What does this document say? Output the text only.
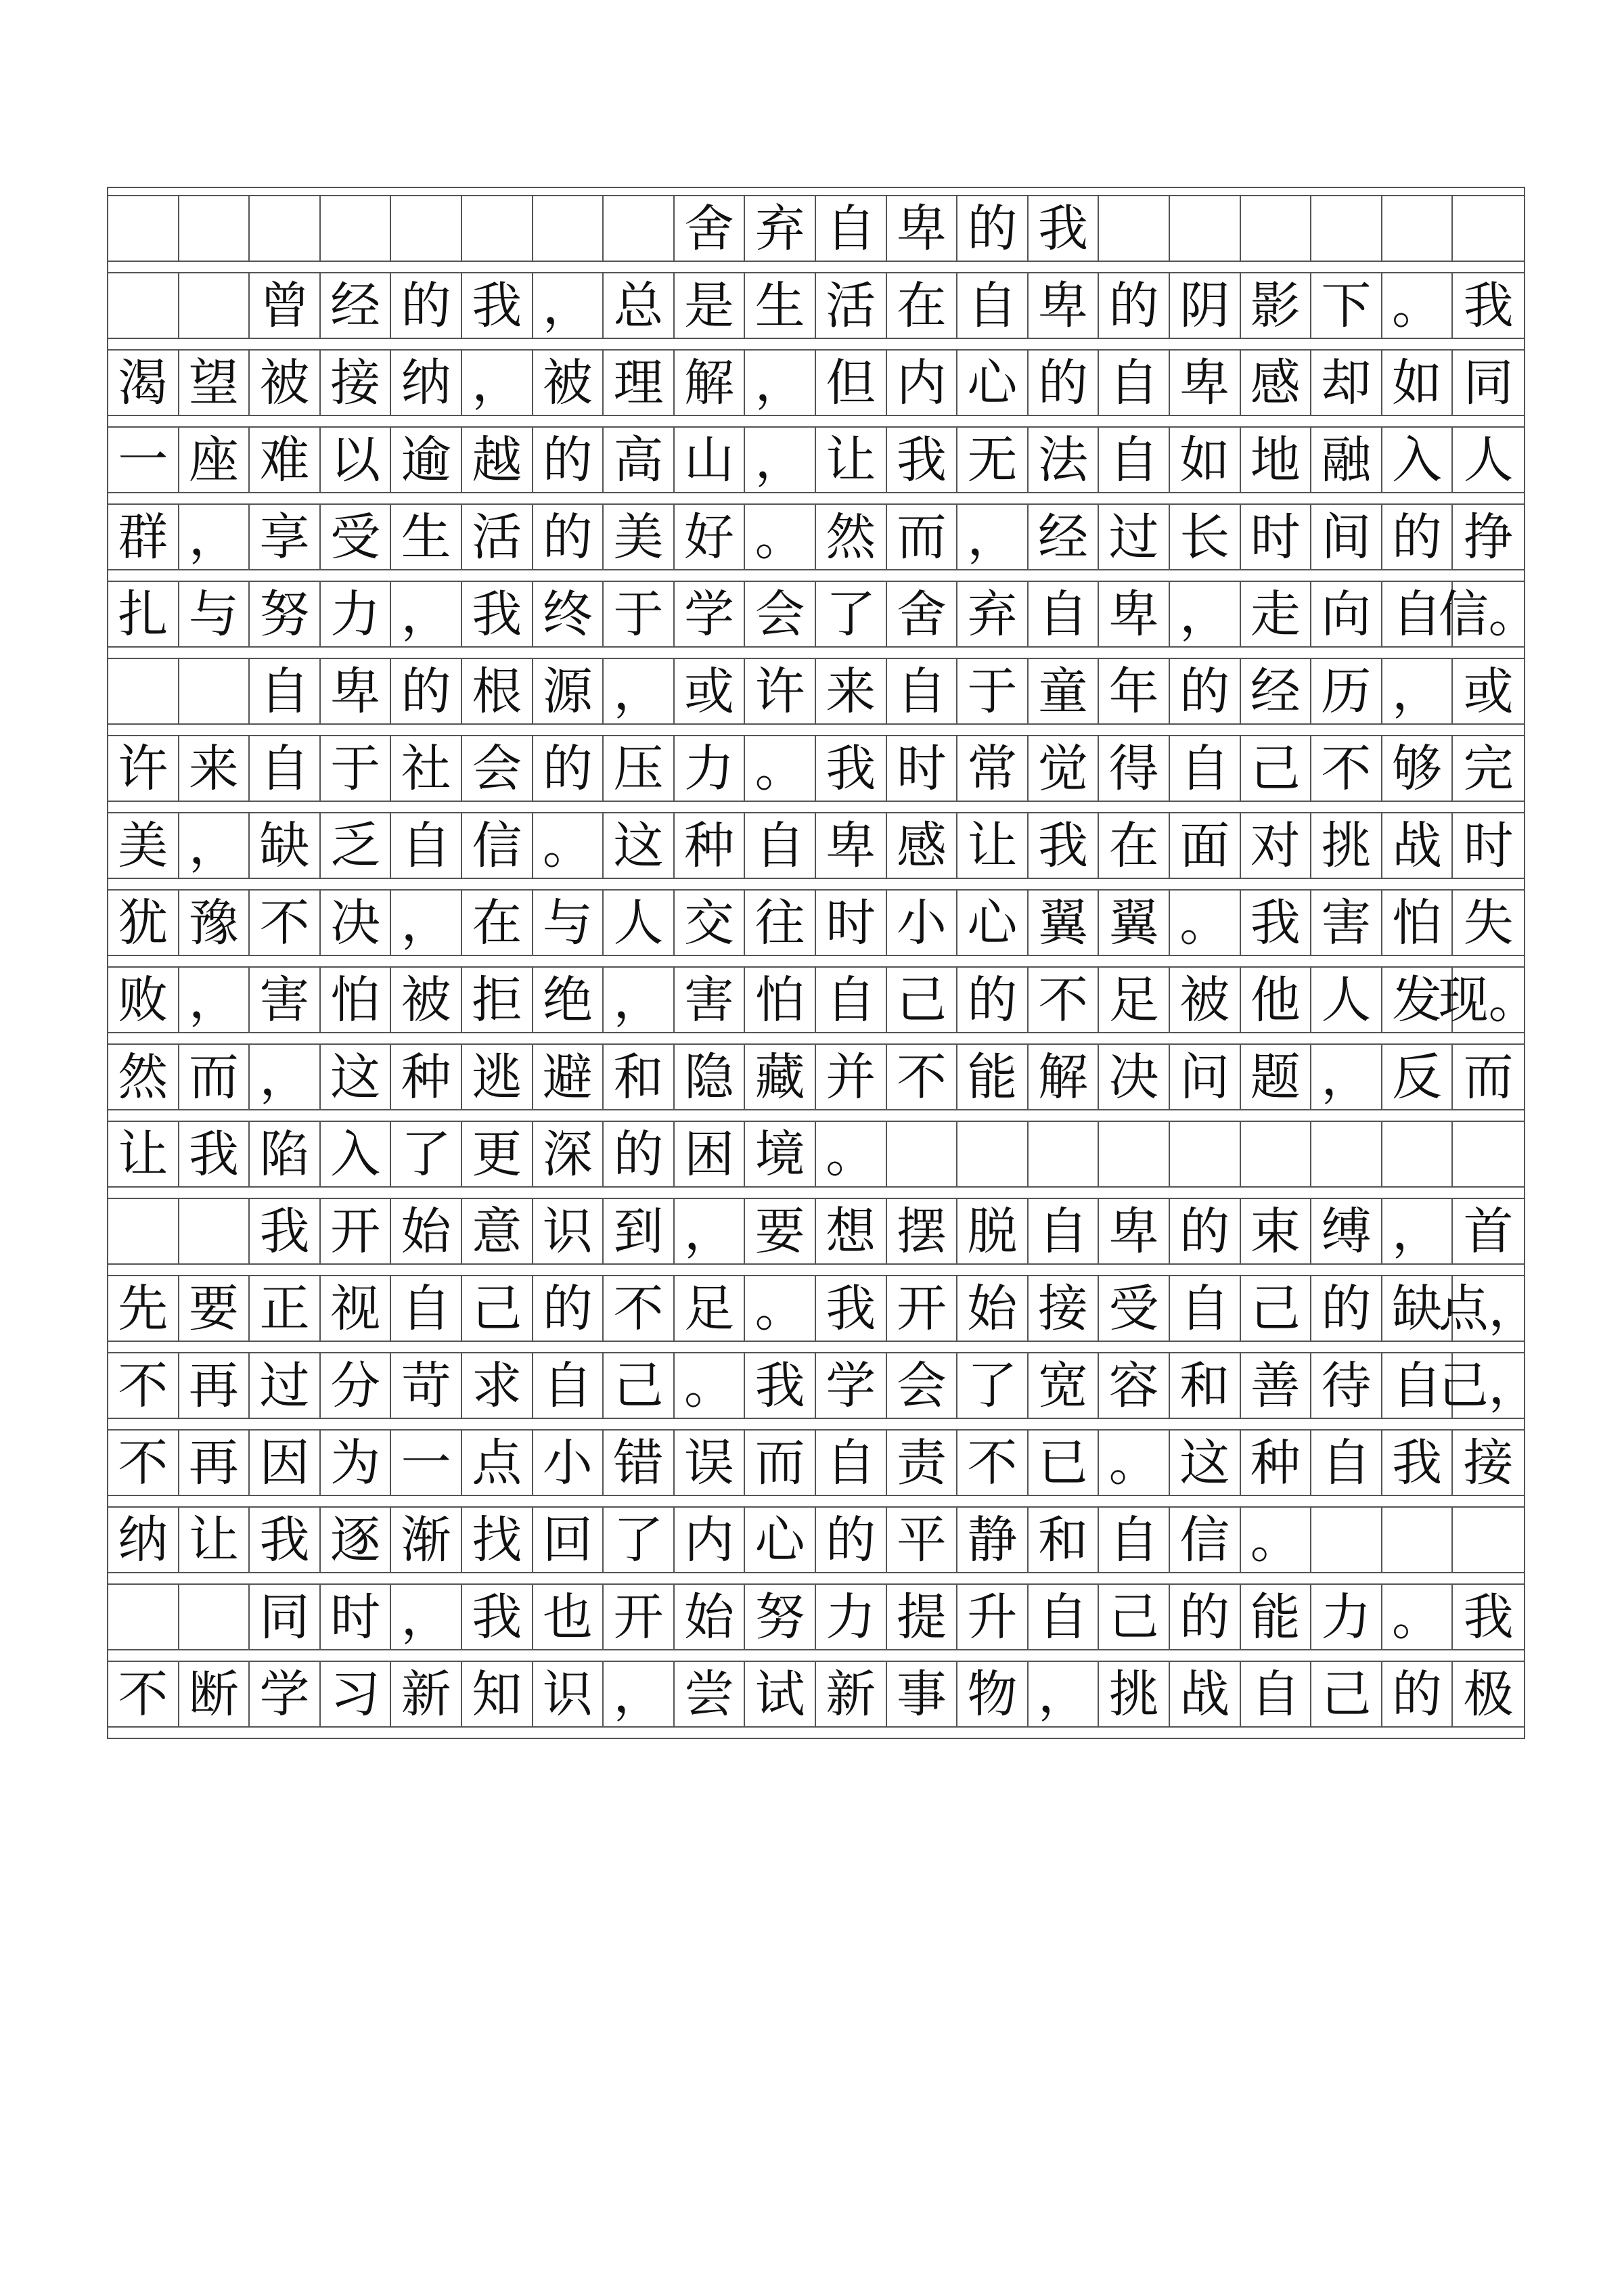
舍 弃 自 卑 的 我
曾 经 的 我 ， 总 是 生 活 在 自 卑 的 阴 影 下 。 我
渴 望 被 接 纳 ， 被 理 解 ， 但 内 心 的 自 卑 感 却 如 同
一 座 难 以 逾 越 的 高 山 ， 让 我 无 法 自 如 地 融 入 人
群 ， 享 受 生 活 的 美 好 。 然 而 ， 经 过 长 时 间 的 挣
扎 与 努 力 ， 我 终 于 学 会 了 舍 弃 自 卑 ， 走 向 自
信。
自 卑 的 根 源 ， 或 许 来 自 于 童 年 的 经 历 ， 或
许 来 自 于 社 会 的 压 力 。 我 时 常 觉 得 自 己 不 够 完
美 ， 缺 乏 自 信 。 这 种 自 卑 感 让 我 在 面 对 挑 战 时
犹 豫 不 决 ， 在 与 人 交 往 时 小 心 翼 翼 。 我 害 怕 失
败 ， 害 怕 被 拒 绝 ， 害 怕 自 己 的 不 足 被 他 人 发
现。
然 而 ， 这 种 逃 避 和 隐 藏 并 不 能 解 决 问 题 ， 反 而
让 我 陷 入 了 更 深 的 困 境 。
我 开 始 意 识 到 ， 要 想 摆 脱 自 卑 的 束 缚 ， 首
先 要 正 视 自 己 的 不 足 。 我 开 始 接 受 自 己 的 缺
点，
不 再 过 分 苛 求 自 己 。 我 学 会 了 宽 容 和 善 待 自
己，
不 再 因 为 一 点 小 错 误 而 自 责 不 已 。 这 种 自 我 接
纳 让 我 逐 渐 找 回 了 内 心 的 平 静 和 自 信 。
同 时 ， 我 也 开 始 努 力 提 升 自 己 的 能 力 。 我
不 断 学 习 新 知 识 ， 尝 试 新 事 物 ， 挑 战 自 己 的 极
